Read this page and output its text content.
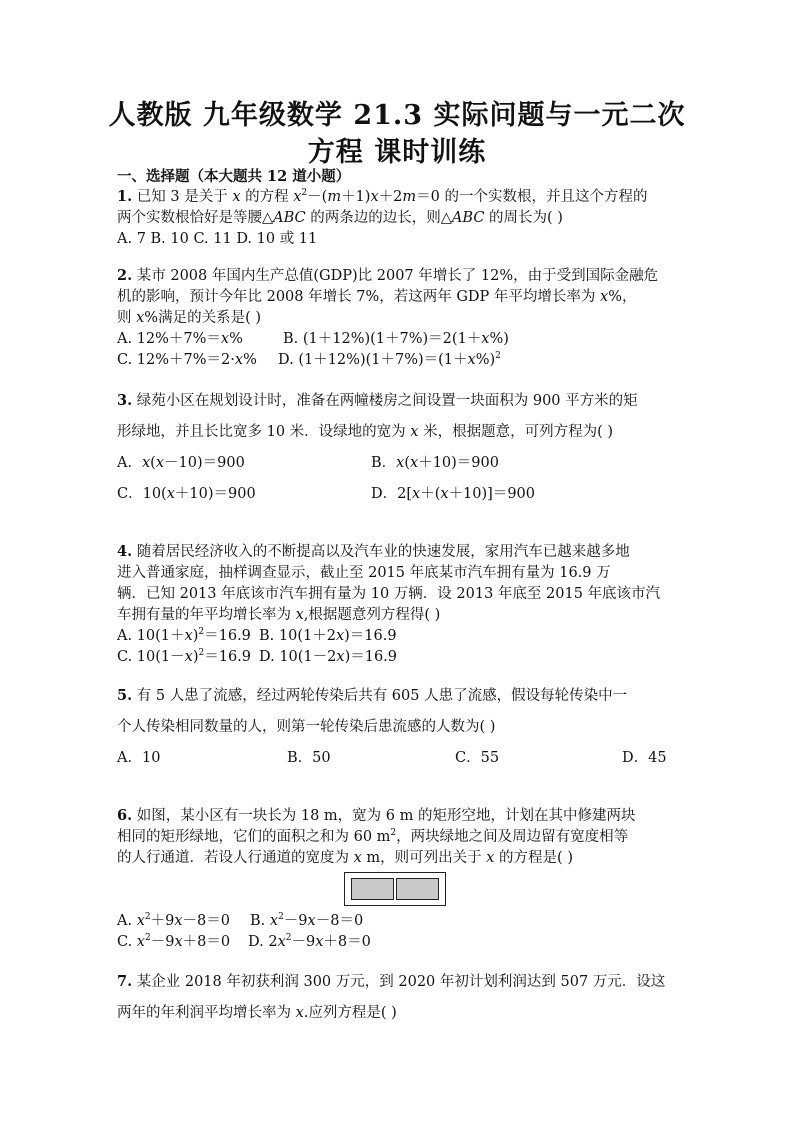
人教版 九年级数学 21.3 实际问题与一元二次
方程 课时训练
一、选择题（本大题共 12 道小题）
1. 已知 3 是关于 x 的方程 $x^2-(m+1)x+2m=0$ 的一个实数根，并且这个方程的
两个实数根恰好是等腰△ABC 的两条边的边长，则△ABC 的周长为( )
A. 7 B. 10 C. 11 D. 10 或 11
2. 某市 2008 年国内生产总值(GDP)比 2007 年增长了 12%，由于受到国际金融危
机的影响，预计今年比 2008 年增长 7%，若这两年 GDP 年平均增长率为 x%，
则 x%满足的关系是( )
A. 12%＋7%＝x%	B. (1＋12%)(1＋7%)＝2(1＋x%)
C. 12%＋7%＝2·x% D. $(1+12\%)(1+7\%)=(1+x\%)^2$
3. 绿苑小区在规划设计时，准备在两幢楼房之间设置一块面积为 900 平方米的矩
形绿地，并且长比宽多 10 米．设绿地的宽为 x 米，根据题意，可列方程为( )
A．x(x－10)＝900	B．x(x＋10)＝900
C．10(x＋10)＝900	D．2[x＋(x＋10)]＝900
4. 随着居民经济收入的不断提高以及汽车业的快速发展，家用汽车已越来越多地
进入普通家庭，抽样调查显示，截止至 2015 年底某市汽车拥有量为 16.9 万
辆．已知 2013 年底该市汽车拥有量为 10 万辆．设 2013 年底至 2015 年底该市汽
车拥有量的年平均增长率为 x,根据题意列方程得( )
A. $10(1+x)^2=16.9$ B. 10(1＋2x)＝16.9
C. $10(1-x)^2=16.9$ D. 10(1－2x)＝16.9
5. 有 5 人患了流感，经过两轮传染后共有 605 人患了流感，假设每轮传染中一
个人传染相同数量的人，则第一轮传染后患流感的人数为( )
A．10	B．50	C．55	D．45
6. 如图，某小区有一块长为 18 m，宽为 6 m 的矩形空地，计划在其中修建两块
相同的矩形绿地，它们的面积之和为 60 $m^2$，两块绿地之间及周边留有宽度相等
的人行通道．若设人行通道的宽度为 x m，则可列出关于 x 的方程是( )
A. $x^2+9x-8=0$ B. $x^2-9x-8=0$
C. $x^2-9x+8=0$ D. $2x^2-9x+8=0$
7. 某企业 2018 年初获利润 300 万元，到 2020 年初计划利润达到 507 万元．设这
两年的年利润平均增长率为 x.应列方程是( )
